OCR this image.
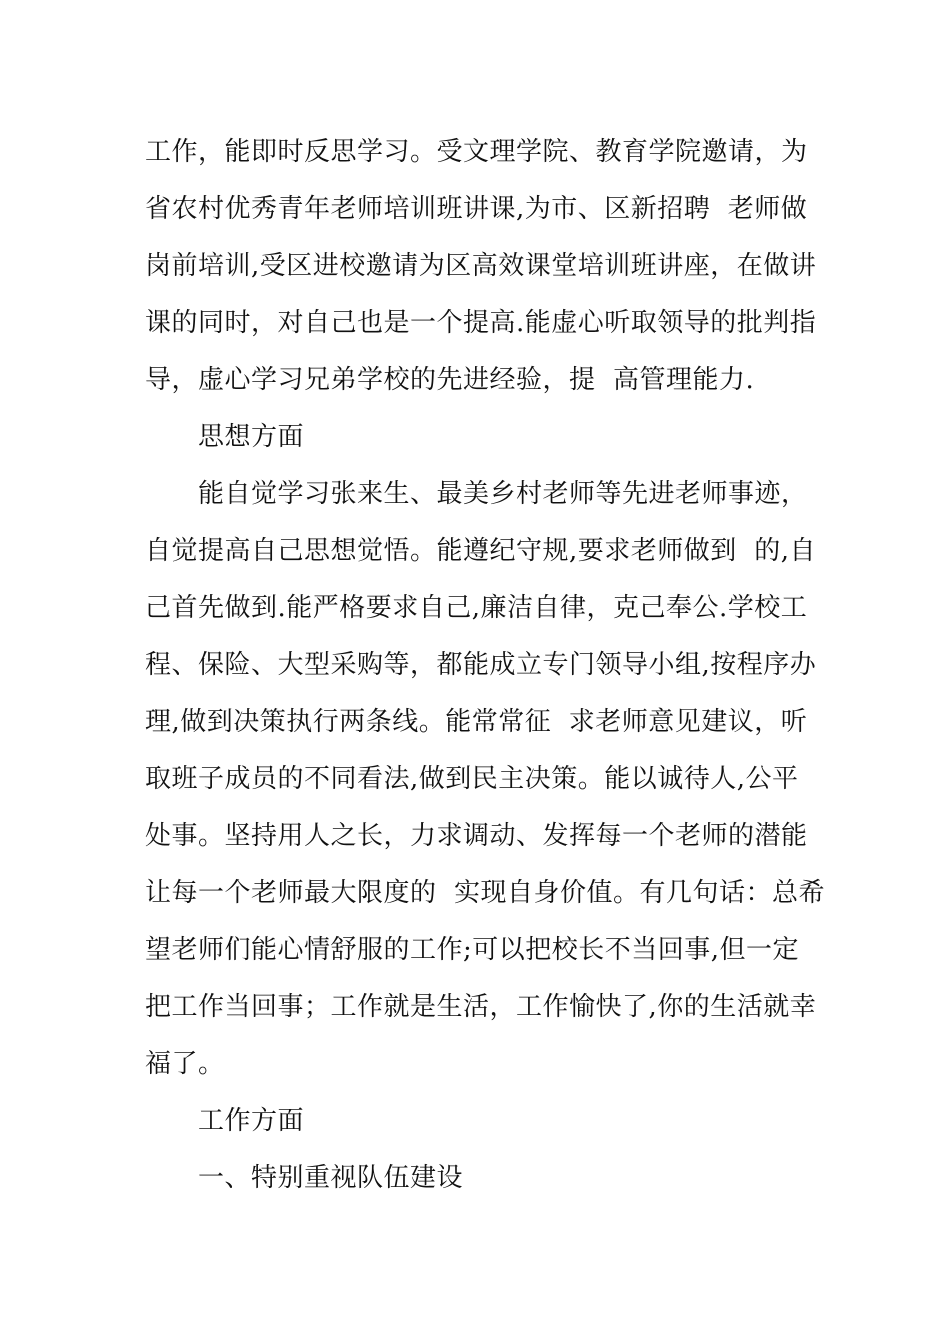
工作，能即时反思学习。受文理学院、教育学院邀请，为
省农村优秀青年老师培训班讲课,为市、区新招聘  老师做
岗前培训,受区进校邀请为区高效课堂培训班讲座，在做讲
课的同时，对自己也是一个提高.能虚心听取领导的批判指
导，虚心学习兄弟学校的先进经验，提  高管理能力.
思想方面
能自觉学习张来生、最美乡村老师等先进老师事迹，
自觉提高自己思想觉悟。能遵纪守规,要求老师做到  的,自
己首先做到.能严格要求自己,廉洁自律，克己奉公.学校工
程、保险、大型采购等，都能成立专门领导小组,按程序办
理,做到决策执行两条线。能常常征  求老师意见建议，听
取班子成员的不同看法,做到民主决策。能以诚待人,公平
处事。坚持用人之长，力求调动、发挥每一个老师的潜能
让每一个老师最大限度的  实现自身价值。有几句话：总希
望老师们能心情舒服的工作;可以把校长不当回事,但一定
把工作当回事；工作就是生活，工作愉快了,你的生活就幸
福了。
工作方面
一、特别重视队伍建设
